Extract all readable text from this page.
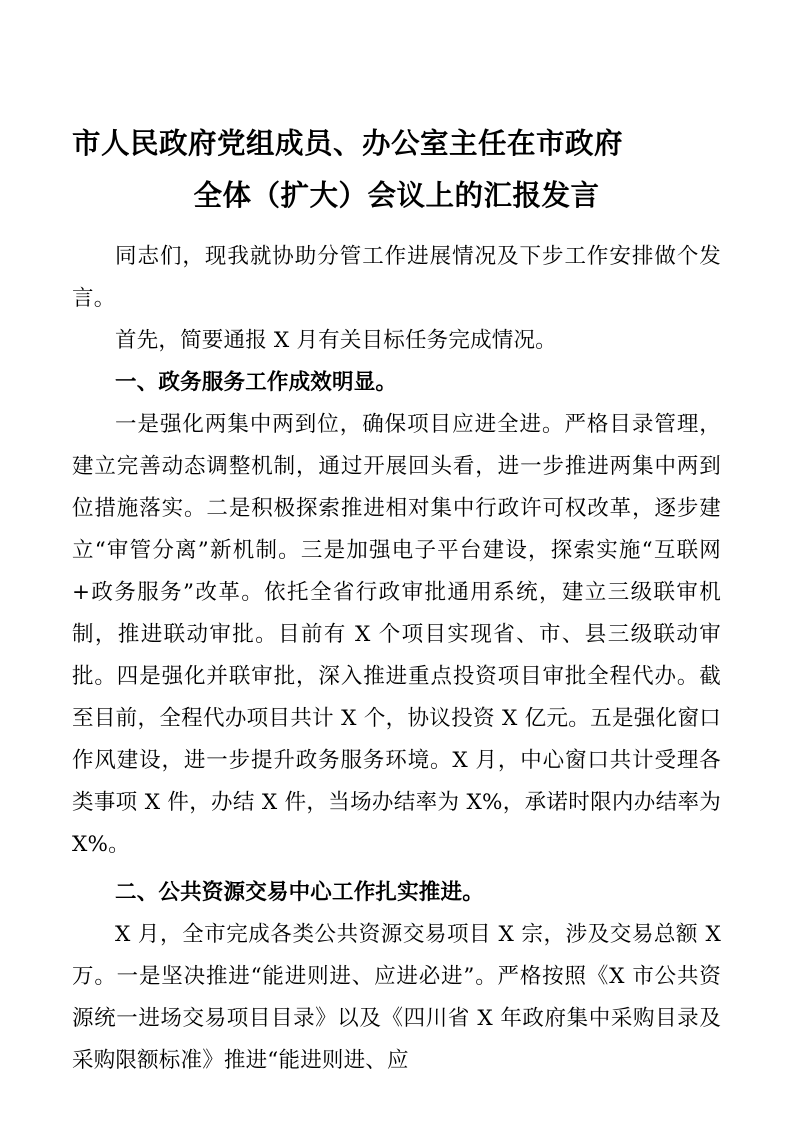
市人民政府党组成员、办公室主任在市政府
全体（扩大）会议上的汇报发言

同志们，现我就协助分管工作进展情况及下步工作安排做个发言。

首先，简要通报 X 月有关目标任务完成情况。

一、政务服务工作成效明显。

一是强化两集中两到位，确保项目应进全进。严格目录管理，建立完善动态调整机制，通过开展回头看，进一步推进两集中两到位措施落实。二是积极探索推进相对集中行政许可权改革，逐步建立“审管分离”新机制。三是加强电子平台建设，探索实施“互联网+政务服务”改革。依托全省行政审批通用系统，建立三级联审机制，推进联动审批。目前有 X 个项目实现省、市、县三级联动审批。四是强化并联审批，深入推进重点投资项目审批全程代办。截至目前，全程代办项目共计 X 个，协议投资 X 亿元。五是强化窗口作风建设，进一步提升政务服务环境。X 月，中心窗口共计受理各类事项 X 件，办结 X 件，当场办结率为 X%，承诺时限内办结率为 X%。

二、公共资源交易中心工作扎实推进。

X 月，全市完成各类公共资源交易项目 X 宗，涉及交易总额 X 万。一是坚决推进“能进则进、应进必进”。严格按照《X 市公共资源统一进场交易项目目录》以及《四川省 X 年政府集中采购目录及采购限额标准》推进“能进则进、应
